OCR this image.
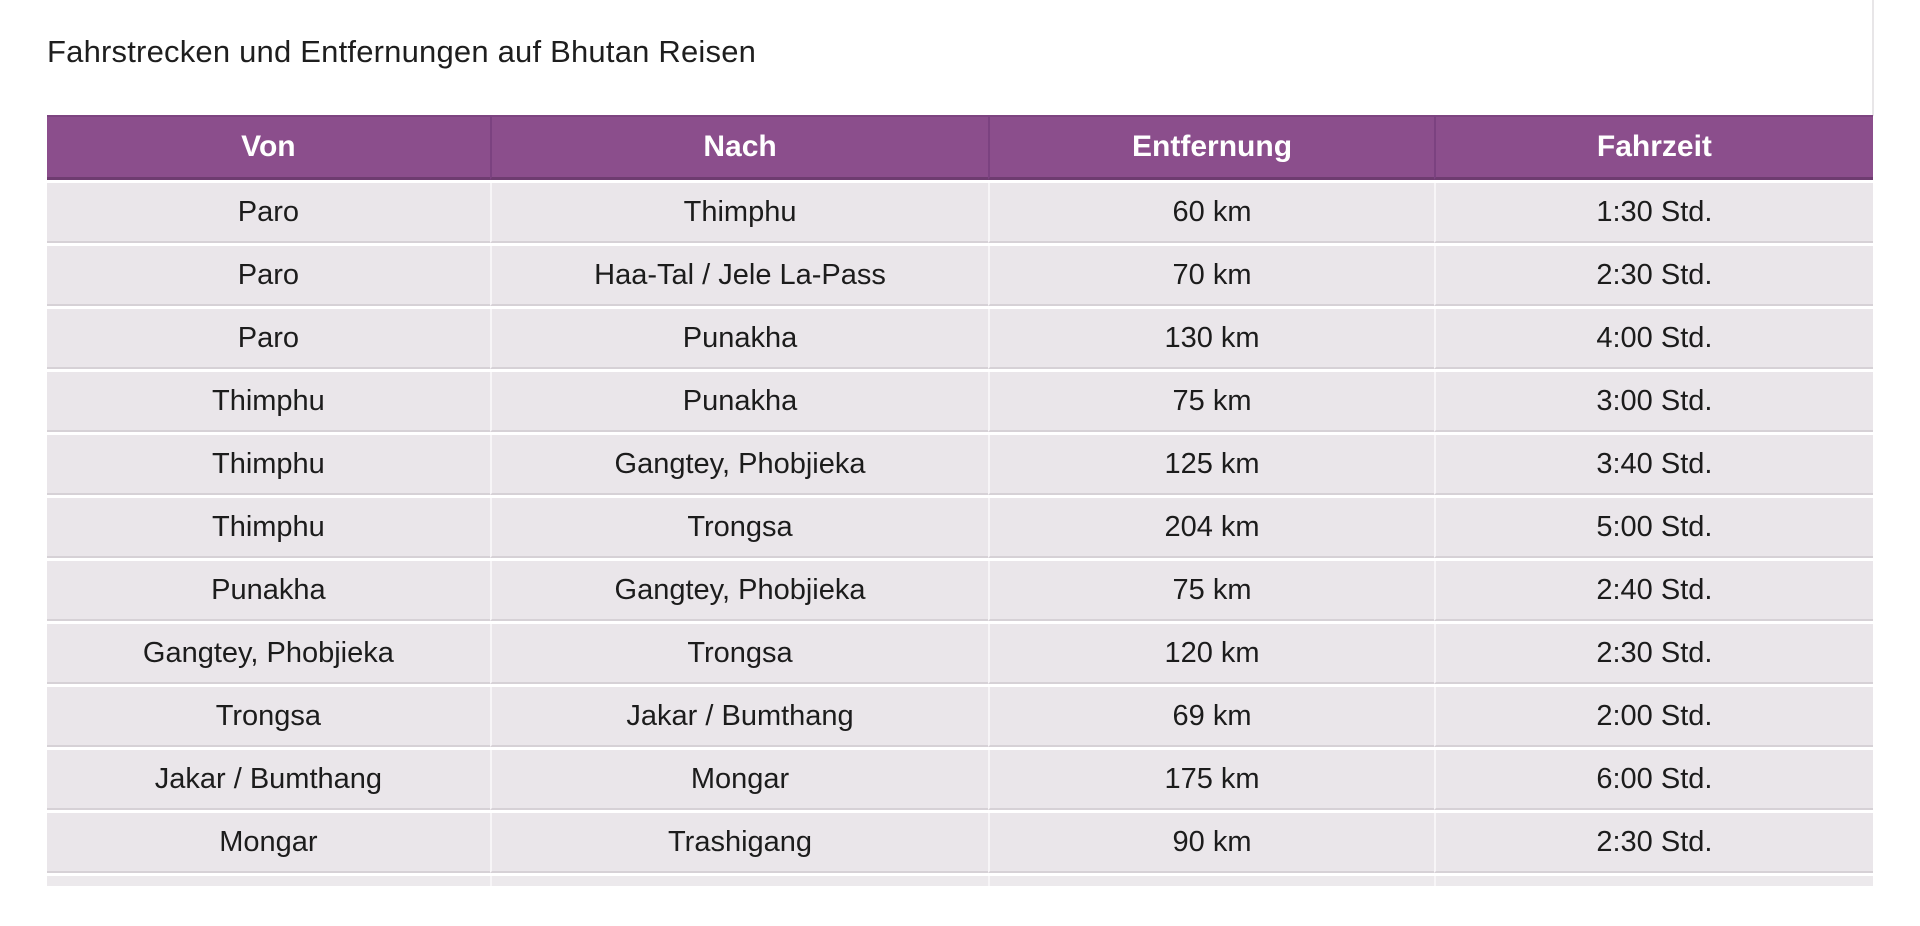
Fahrstrecken und Entfernungen auf Bhutan Reisen
Von	Nach	Entfernung	Fahrzeit
Paro	Thimphu	60 km	1:30 Std.
Paro	Haa-Tal / Jele La-Pass	70 km	2:30 Std.
Paro	Punakha	130 km	4:00 Std.
Thimphu	Punakha	75 km	3:00 Std.
Thimphu	Gangtey, Phobjieka	125 km	3:40 Std.
Thimphu	Trongsa	204 km	5:00 Std.
Punakha	Gangtey, Phobjieka	75 km	2:40 Std.
Gangtey, Phobjieka	Trongsa	120 km	2:30 Std.
Trongsa	Jakar / Bumthang	69 km	2:00 Std.
Jakar / Bumthang	Mongar	175 km	6:00 Std.
Mongar	Trashigang	90 km	2:30 Std.
